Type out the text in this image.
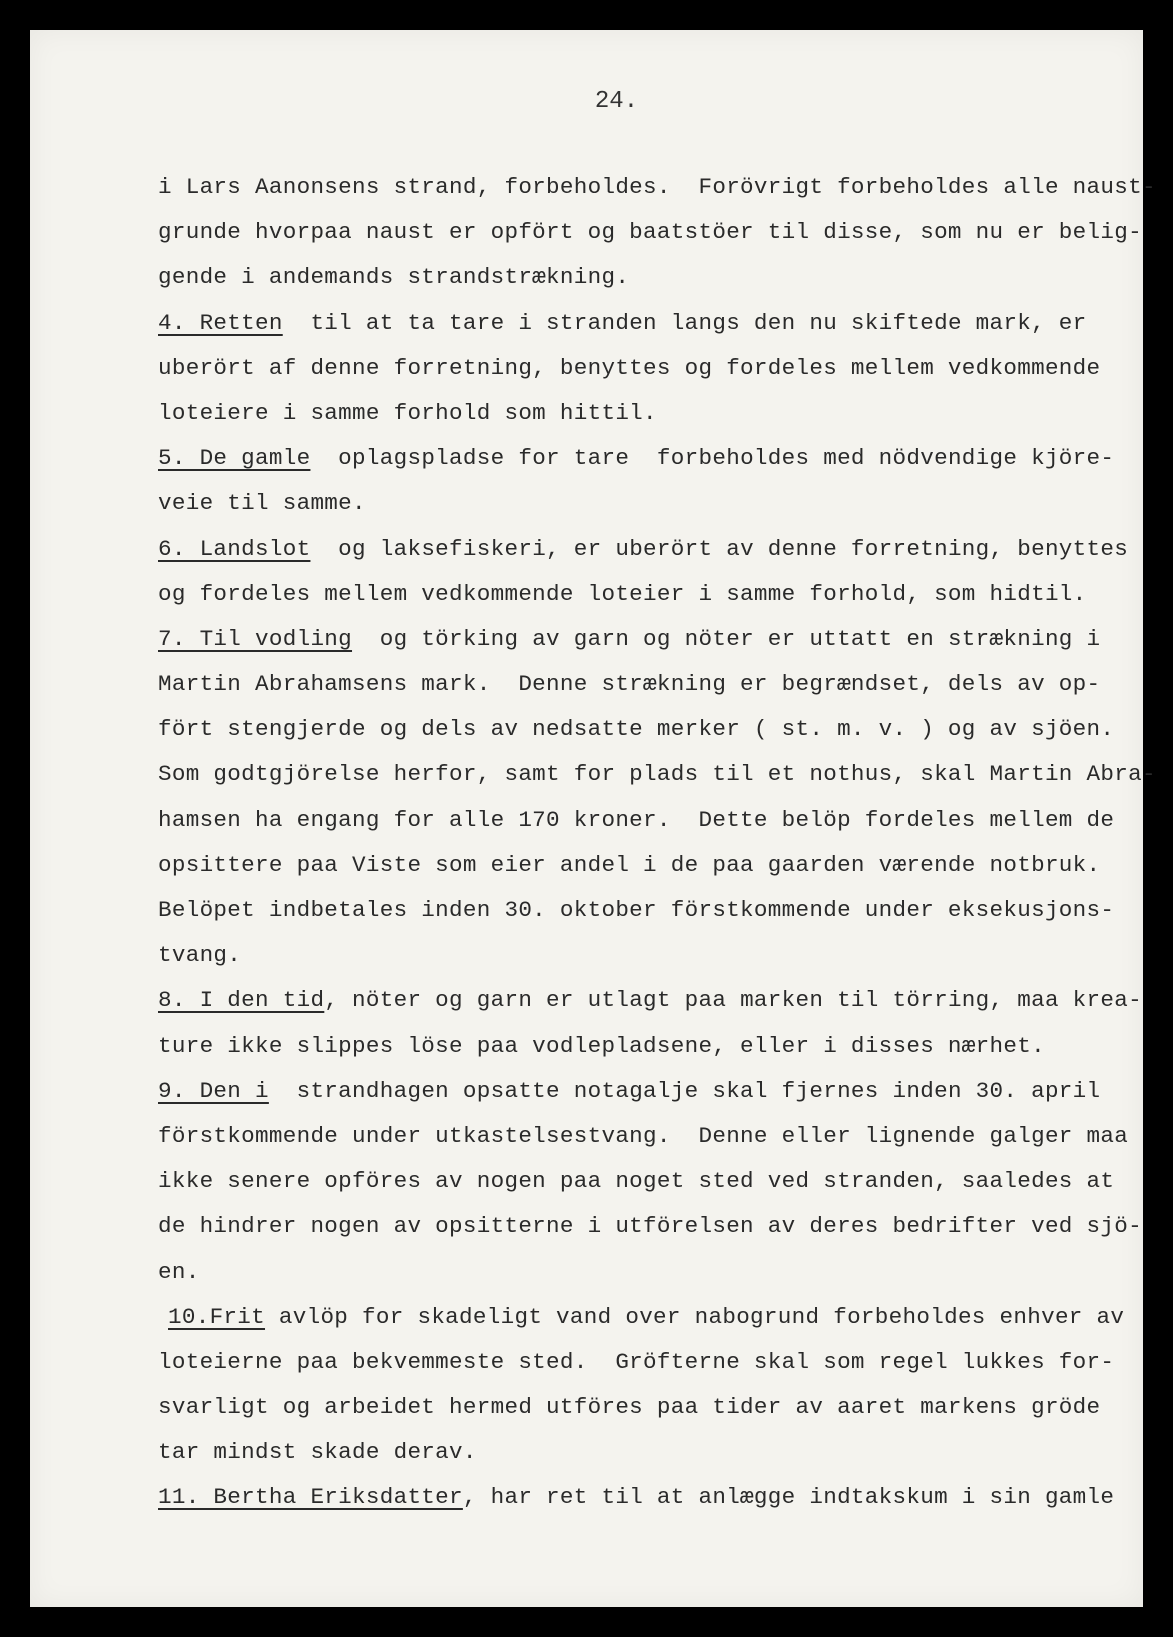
24.
i Lars Aanonsens strand, forbeholdes.  Forövrigt forbeholdes alle naust-
grunde hvorpaa naust er opfört og baatstöer til disse, som nu er belig-
gende i andemands strandstrækning.
4. Retten  til at ta tare i stranden langs den nu skiftede mark, er
uberört af denne forretning, benyttes og fordeles mellem vedkommende
loteiere i samme forhold som hittil.
5. De gamle  oplagspladse for tare  forbeholdes med nödvendige kjöre-
veie til samme.
6. Landslot  og laksefiskeri, er uberört av denne forretning, benyttes
og fordeles mellem vedkommende loteier i samme forhold, som hidtil.
7. Til vodling  og törking av garn og nöter er uttatt en strækning i
Martin Abrahamsens mark.  Denne strækning er begrændset, dels av op-
fört stengjerde og dels av nedsatte merker ( st. m. v. ) og av sjöen.
Som godtgjörelse herfor, samt for plads til et nothus, skal Martin Abra-
hamsen ha engang for alle 170 kroner.  Dette belöp fordeles mellem de
opsittere paa Viste som eier andel i de paa gaarden værende notbruk.
Belöpet indbetales inden 30. oktober förstkommende under eksekusjons-
tvang.
8. I den tid, nöter og garn er utlagt paa marken til törring, maa krea-
ture ikke slippes löse paa vodlepladsene, eller i disses nærhet.
9. Den i  strandhagen opsatte notagalje skal fjernes inden 30. april
förstkommende under utkastelsestvang.  Denne eller lignende galger maa
ikke senere opföres av nogen paa noget sted ved stranden, saaledes at
de hindrer nogen av opsitterne i utförelsen av deres bedrifter ved sjö-
en.
10.Frit avlöp for skadeligt vand over nabogrund forbeholdes enhver av
loteierne paa bekvemmeste sted.  Gröfterne skal som regel lukkes for-
svarligt og arbeidet hermed utföres paa tider av aaret markens gröde
tar mindst skade derav.
11. Bertha Eriksdatter, har ret til at anlægge indtakskum i sin gamle
